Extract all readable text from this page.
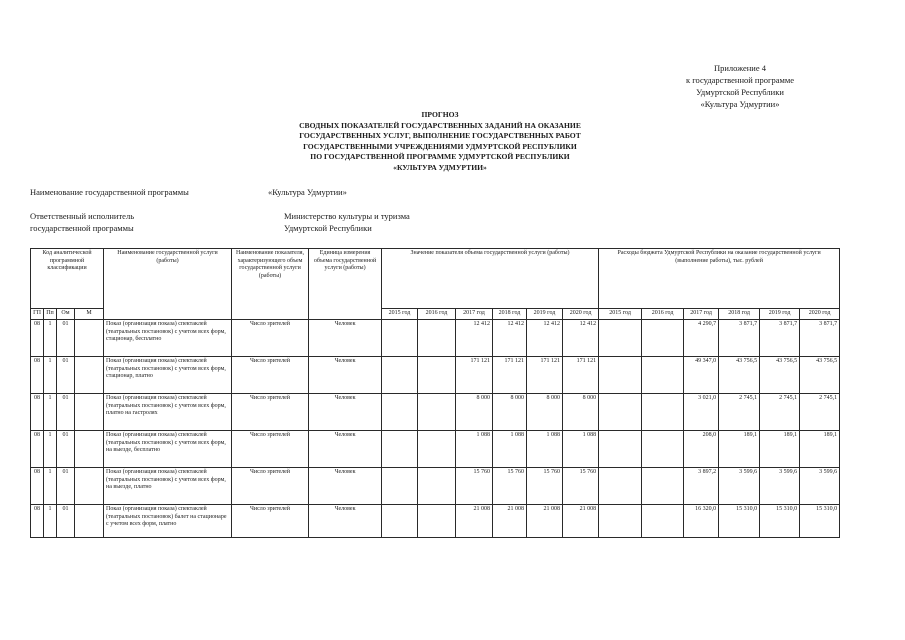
Приложение 4
к государственной программе
Удмуртской Республики
«Культура Удмуртии»
ПРОГНОЗ
СВОДНЫХ ПОКАЗАТЕЛЕЙ ГОСУДАРСТВЕННЫХ ЗАДАНИЙ НА ОКАЗАНИЕ
ГОСУДАРСТВЕННЫХ УСЛУГ, ВЫПОЛНЕНИЕ ГОСУДАРСТВЕННЫХ РАБОТ
ГОСУДАРСТВЕННЫМИ УЧРЕЖДЕНИЯМИ УДМУРТСКОЙ РЕСПУБЛИКИ
ПО ГОСУДАРСТВЕННОЙ ПРОГРАММЕ УДМУРТСКОЙ РЕСПУБЛИКИ
«КУЛЬТУРА УДМУРТИИ»
Наименование государственной программы	«Культура Удмуртии»
Ответственный исполнитель
государственной программы
Министерство культуры и туризма
Удмуртской Республики
Код аналитической программной классификации				Наименование государственной услуги (работы)	Наименование показателя, характеризующего объем государственной услуги (работы)	Единица измерения объема государственной услуги (работы)	Значение показателя объема государственной услуги (работы)						Расходы бюджета Удмуртской Республики на оказание государственной услуги (выполнение работы), тыс. рублей					
ГП	Пп	Ом	М				2015 год	2016 год	2017 год	2018 год	2019 год	2020 год	2015 год	2016 год	2017 год	2018 год	2019 год	2020 год
08	1	01		Показ (организация показа) спектаклей (театральных постановок) с учетом всех форм, стационар, бесплатно	Число зрителей	Человек			12 412	12 412	12 412	12 412			4 290,7	3 871,7	3 871,7	3 871,7
08	1	01		Показ (организация показа) спектаклей (театральных постановок) с учетом всех форм, стационар, платно	Число зрителей	Человек			171 121	171 121	171 121	171 121			49 347,0	43 756,5	43 756,5	43 756,5
08	1	01		Показ (организация показа) спектаклей (театральных постановок) с учетом всех форм, платно на гастролях	Число зрителей	Человек			8 000	8 000	8 000	8 000			3 021,0	2 745,1	2 745,1	2 745,1
08	1	01		Показ (организация показа) спектаклей (театральных постановок) с учетом всех форм, на выезде, бесплатно	Число зрителей	Человек			1 088	1 088	1 088	1 088			208,0	189,1	189,1	189,1
08	1	01		Показ (организация показа) спектаклей (театральных постановок) с учетом всех форм, на выезде, платно	Число зрителей	Человек			15 760	15 760	15 760	15 760			3 897,2	3 599,6	3 599,6	3 599,6
08	1	01		Показ (организация показа) спектаклей (театральных постановок) балет на стационаре с учетом всех форм, платно	Число зрителей	Человек			21 008	21 008	21 008	21 008			16 320,0	15 310,0	15 310,0	15 310,0
